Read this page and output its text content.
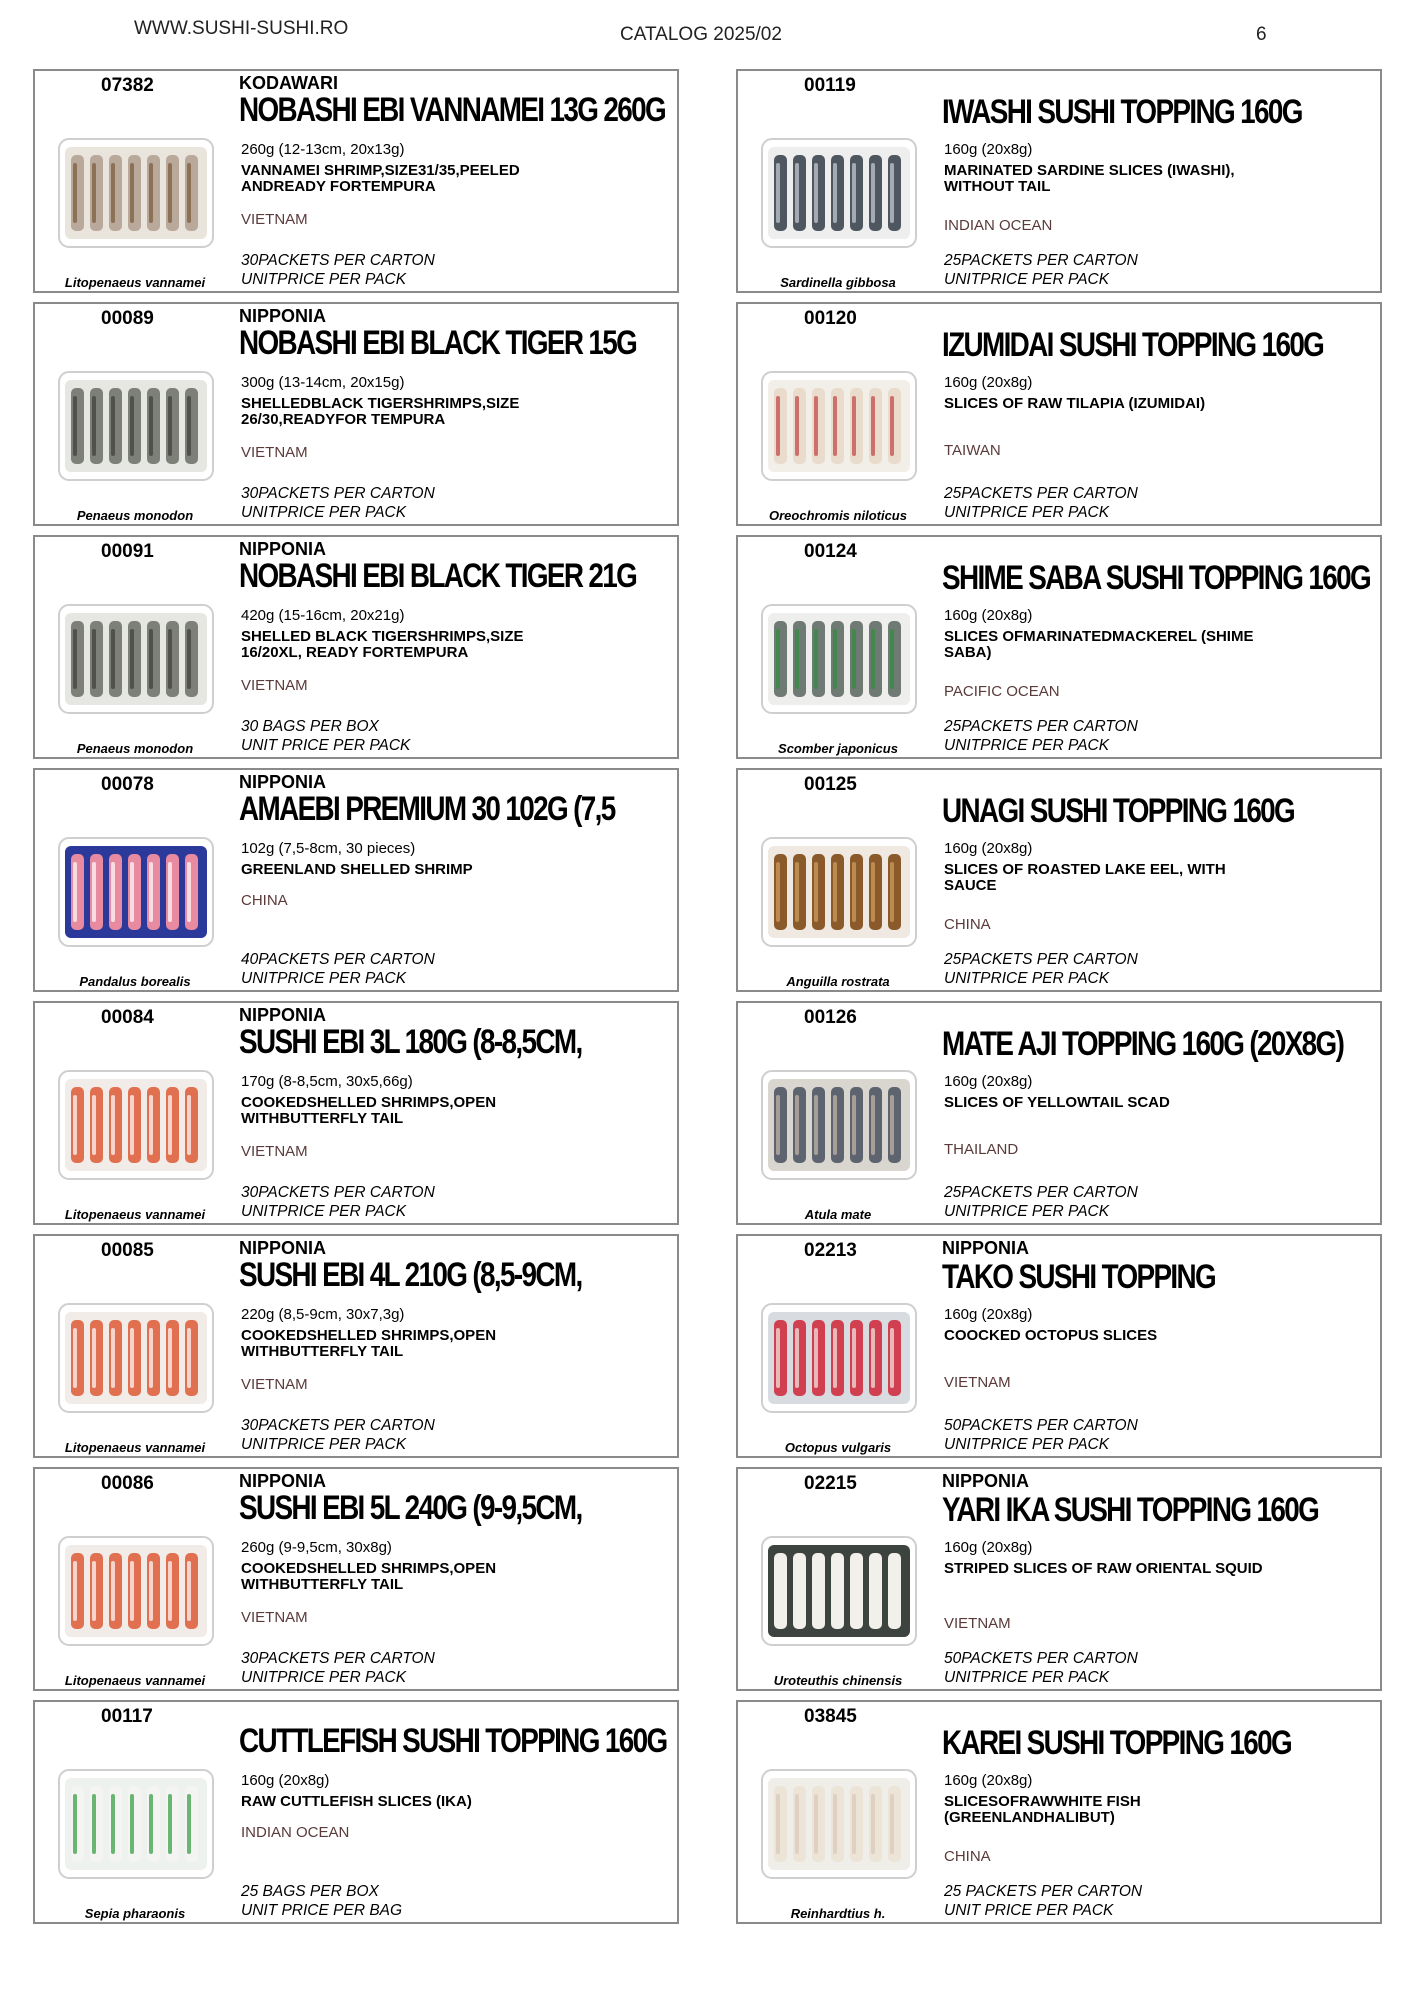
WWW.SUSHI-SUSHI.RO	CATALOG 2025/02	6
07382	KODAWARI
NOBASHI EBI VANNAMEI 13G 260G
260g (12-13cm, 20x13g)
VANNAMEI SHRIMP,SIZE31/35,PEELED ANDREADY FORTEMPURA
VIETNAM
30PACKETS PER CARTON
UNITPRICE PER PACK
Litopenaeus vannamei
00119
IWASHI SUSHI TOPPING 160G
160g (20x8g)
MARINATED SARDINE SLICES (IWASHI), WITHOUT TAIL
INDIAN OCEAN
25PACKETS PER CARTON
UNITPRICE PER PACK
Sardinella gibbosa
00089	NIPPONIA
NOBASHI EBI BLACK TIGER 15G
300g (13-14cm, 20x15g)
SHELLEDBLACK TIGERSHRIMPS,SIZE 26/30,READYFOR TEMPURA
VIETNAM
30PACKETS PER CARTON
UNITPRICE PER PACK
Penaeus monodon
00120
IZUMIDAI SUSHI TOPPING 160G
160g (20x8g)
SLICES OF RAW TILAPIA (IZUMIDAI)
TAIWAN
25PACKETS PER CARTON
UNITPRICE PER PACK
Oreochromis niloticus
00091	NIPPONIA
NOBASHI EBI BLACK TIGER 21G
420g (15-16cm, 20x21g)
SHELLED BLACK TIGERSHRIMPS,SIZE 16/20XL, READY FORTEMPURA
VIETNAM
30 BAGS PER BOX
UNIT PRICE PER PACK
Penaeus monodon
00124
SHIME SABA SUSHI TOPPING 160G
160g (20x8g)
SLICES OFMARINATEDMACKEREL (SHIME SABA)
PACIFIC OCEAN
25PACKETS PER CARTON
UNITPRICE PER PACK
Scomber japonicus
00078	NIPPONIA
AMAEBI PREMIUM 30 102G (7,5
102g (7,5-8cm, 30 pieces)
GREENLAND SHELLED SHRIMP
CHINA
40PACKETS PER CARTON
UNITPRICE PER PACK
Pandalus borealis
00125
UNAGI SUSHI TOPPING 160G
160g (20x8g)
SLICES OF ROASTED LAKE EEL, WITH SAUCE
CHINA
25PACKETS PER CARTON
UNITPRICE PER PACK
Anguilla rostrata
00084	NIPPONIA
SUSHI EBI 3L 180G (8-8,5CM,
170g (8-8,5cm, 30x5,66g)
COOKEDSHELLED SHRIMPS,OPEN WITHBUTTERFLY TAIL
VIETNAM
30PACKETS PER CARTON
UNITPRICE PER PACK
Litopenaeus vannamei
00126
MATE AJI TOPPING 160G (20X8G)
160g (20x8g)
SLICES OF YELLOWTAIL SCAD
THAILAND
25PACKETS PER CARTON
UNITPRICE PER PACK
Atula mate
00085	NIPPONIA
SUSHI EBI 4L 210G (8,5-9CM,
220g (8,5-9cm, 30x7,3g)
COOKEDSHELLED SHRIMPS,OPEN WITHBUTTERFLY TAIL
VIETNAM
30PACKETS PER CARTON
UNITPRICE PER PACK
Litopenaeus vannamei
02213	NIPPONIA
TAKO SUSHI TOPPING
160g (20x8g)
COOCKED OCTOPUS SLICES
VIETNAM
50PACKETS PER CARTON
UNITPRICE PER PACK
Octopus vulgaris
00086	NIPPONIA
SUSHI EBI 5L 240G (9-9,5CM,
260g (9-9,5cm, 30x8g)
COOKEDSHELLED SHRIMPS,OPEN WITHBUTTERFLY TAIL
VIETNAM
30PACKETS PER CARTON
UNITPRICE PER PACK
Litopenaeus vannamei
02215	NIPPONIA
YARI IKA SUSHI TOPPING 160G
160g (20x8g)
STRIPED SLICES OF RAW ORIENTAL SQUID
VIETNAM
50PACKETS PER CARTON
UNITPRICE PER PACK
Uroteuthis chinensis
00117
CUTTLEFISH SUSHI TOPPING 160G
160g (20x8g)
RAW CUTTLEFISH SLICES (IKA)
INDIAN OCEAN
25 BAGS PER BOX
UNIT PRICE PER BAG
Sepia pharaonis
03845
KAREI SUSHI TOPPING 160G
160g (20x8g)
SLICESOFRAWWHITE FISH (GREENLANDHALIBUT)
CHINA
25 PACKETS PER CARTON
UNIT PRICE PER PACK
Reinhardtius h.
